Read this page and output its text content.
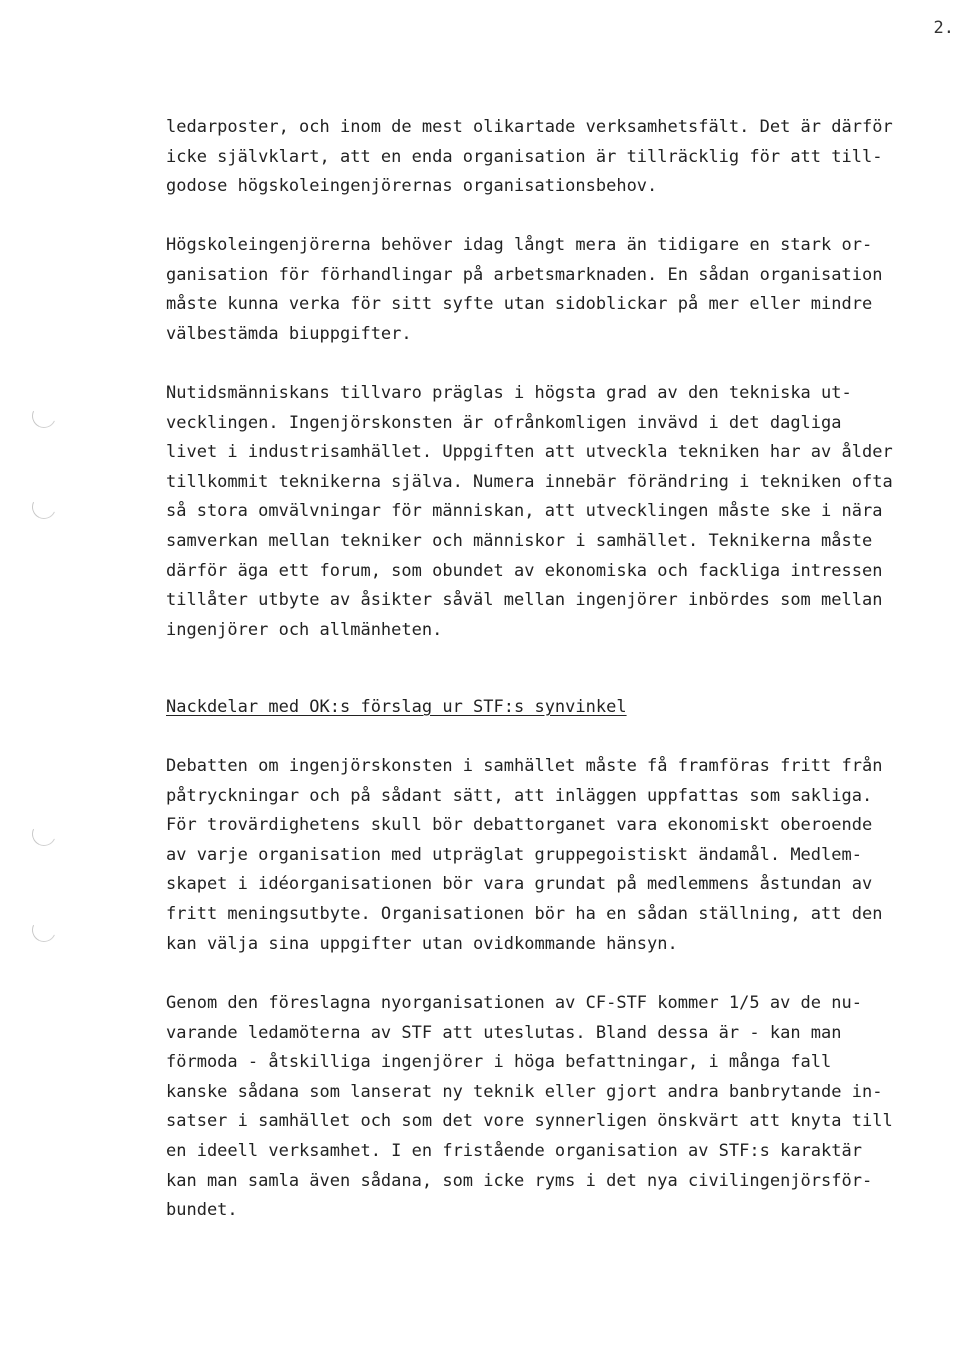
2.
ledarposter, och inom de mest olikartade verksamhetsfält. Det är därför
icke självklart, att en enda organisation är tillräcklig för att till-
godose högskoleingenjörernas organisationsbehov.
Högskoleingenjörerna behöver idag långt mera än tidigare en stark or-
ganisation för förhandlingar på arbetsmarknaden. En sådan organisation
måste kunna verka för sitt syfte utan sidoblickar på mer eller mindre
välbestämda biuppgifter.
Nutidsmänniskans tillvaro präglas i högsta grad av den tekniska ut-
vecklingen. Ingenjörskonsten är ofrånkomligen invävd i det dagliga
livet i industrisamhället. Uppgiften att utveckla tekniken har av ålder
tillkommit teknikerna själva. Numera innebär förändring i tekniken ofta
så stora omvälvningar för människan, att utvecklingen måste ske i nära
samverkan mellan tekniker och människor i samhället. Teknikerna måste
därför äga ett forum, som obundet av ekonomiska och fackliga intressen
tillåter utbyte av åsikter såväl mellan ingenjörer inbördes som mellan
ingenjörer och allmänheten.
Nackdelar med OK:s förslag ur STF:s synvinkel
Debatten om ingenjörskonsten i samhället måste få framföras fritt från
påtryckningar och på sådant sätt, att inläggen uppfattas som sakliga.
För trovärdighetens skull bör debattorganet vara ekonomiskt oberoende
av varje organisation med utpräglat gruppegoistiskt ändamål. Medlem-
skapet i idéorganisationen bör vara grundat på medlemmens åstundan av
fritt meningsutbyte. Organisationen bör ha en sådan ställning, att den
kan välja sina uppgifter utan ovidkommande hänsyn.
Genom den föreslagna nyorganisationen av CF-STF kommer 1/5 av de nu-
varande ledamöterna av STF att uteslutas. Bland dessa är - kan man
förmoda - åtskilliga ingenjörer i höga befattningar, i många fall
kanske sådana som lanserat ny teknik eller gjort andra banbrytande in-
satser i samhället och som det vore synnerligen önskvärt att knyta till
en ideell verksamhet. I en fristående organisation av STF:s karaktär
kan man samla även sådana, som icke ryms i det nya civilingenjörsför-
bundet.
